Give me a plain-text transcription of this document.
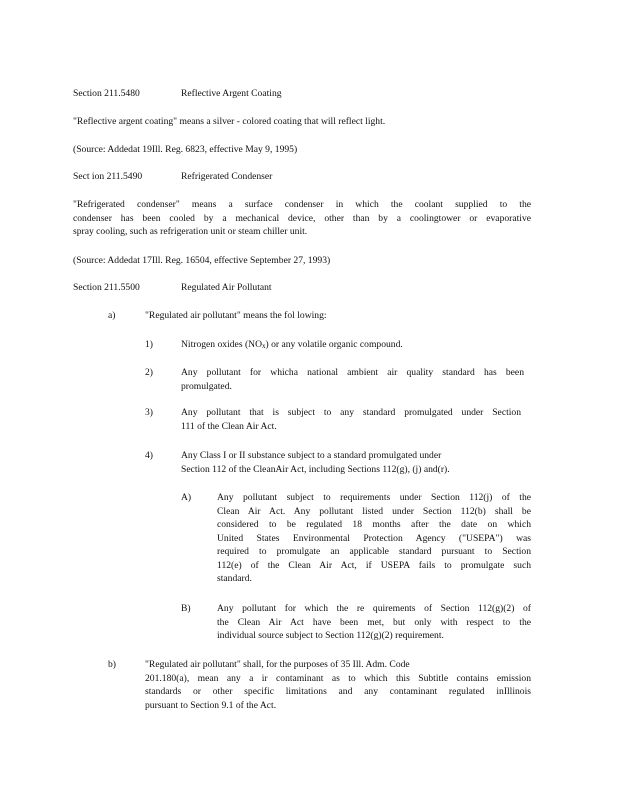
Section 211.5480	Reflective Argent Coating
"Reflective argent coating" means a silver - colored coating that will reflect light.
(Source: Addedat 19Ill. Reg. 6823, effective May 9, 1995)
Sect ion 211.5490	Refrigerated Condenser
"Refrigerated condenser" means a surface condenser in which the coolant supplied to the
condenser has been cooled by a mechanical device, other than by a coolingtower or evaporative
spray cooling, such as refrigeration unit or steam chiller unit.
(Source: Addedat 17Ill. Reg. 16504, effective September 27, 1993)
Section 211.5500	Regulated Air Pollutant
a)	"Regulated air pollutant" means the fol lowing:
1)	Nitrogen oxides $(NO_x)$ or any volatile organic compound.
2)	Any pollutant for whicha national ambient air quality standard has been
promulgated.
3)	Any pollutant that is subject to any standard promulgated under Section
111 of the Clean Air Act.
4)	Any Class I or II substance subject to a standard promulgated under
Section 112 of the CleanAir Act, including Sections 112(g), (j) and(r).
A)	Any pollutant subject to requirements under Section 112(j) of the
Clean Air Act. Any pollutant listed under Section 112(b) shall be
considered to be regulated 18 months after the date on which
United States Environmental Protection Agency ("USEPA") was
required to promulgate an applicable standard pursuant to Section
112(e) of the Clean Air Act, if USEPA fails to promulgate such
standard.
B)	Any pollutant for which the re quirements of Section 112(g)(2) of
the Clean Air Act have been met, but only with respect to the
individual source subject to Section 112(g)(2) requirement.
b)	"Regulated air pollutant" shall, for the purposes of 35 Ill. Adm. Code
201.180(a), mean any a ir contaminant as to which this Subtitle contains emission
standards or other specific limitations and any contaminant regulated inIllinois
pursuant to Section 9.1 of the Act.
